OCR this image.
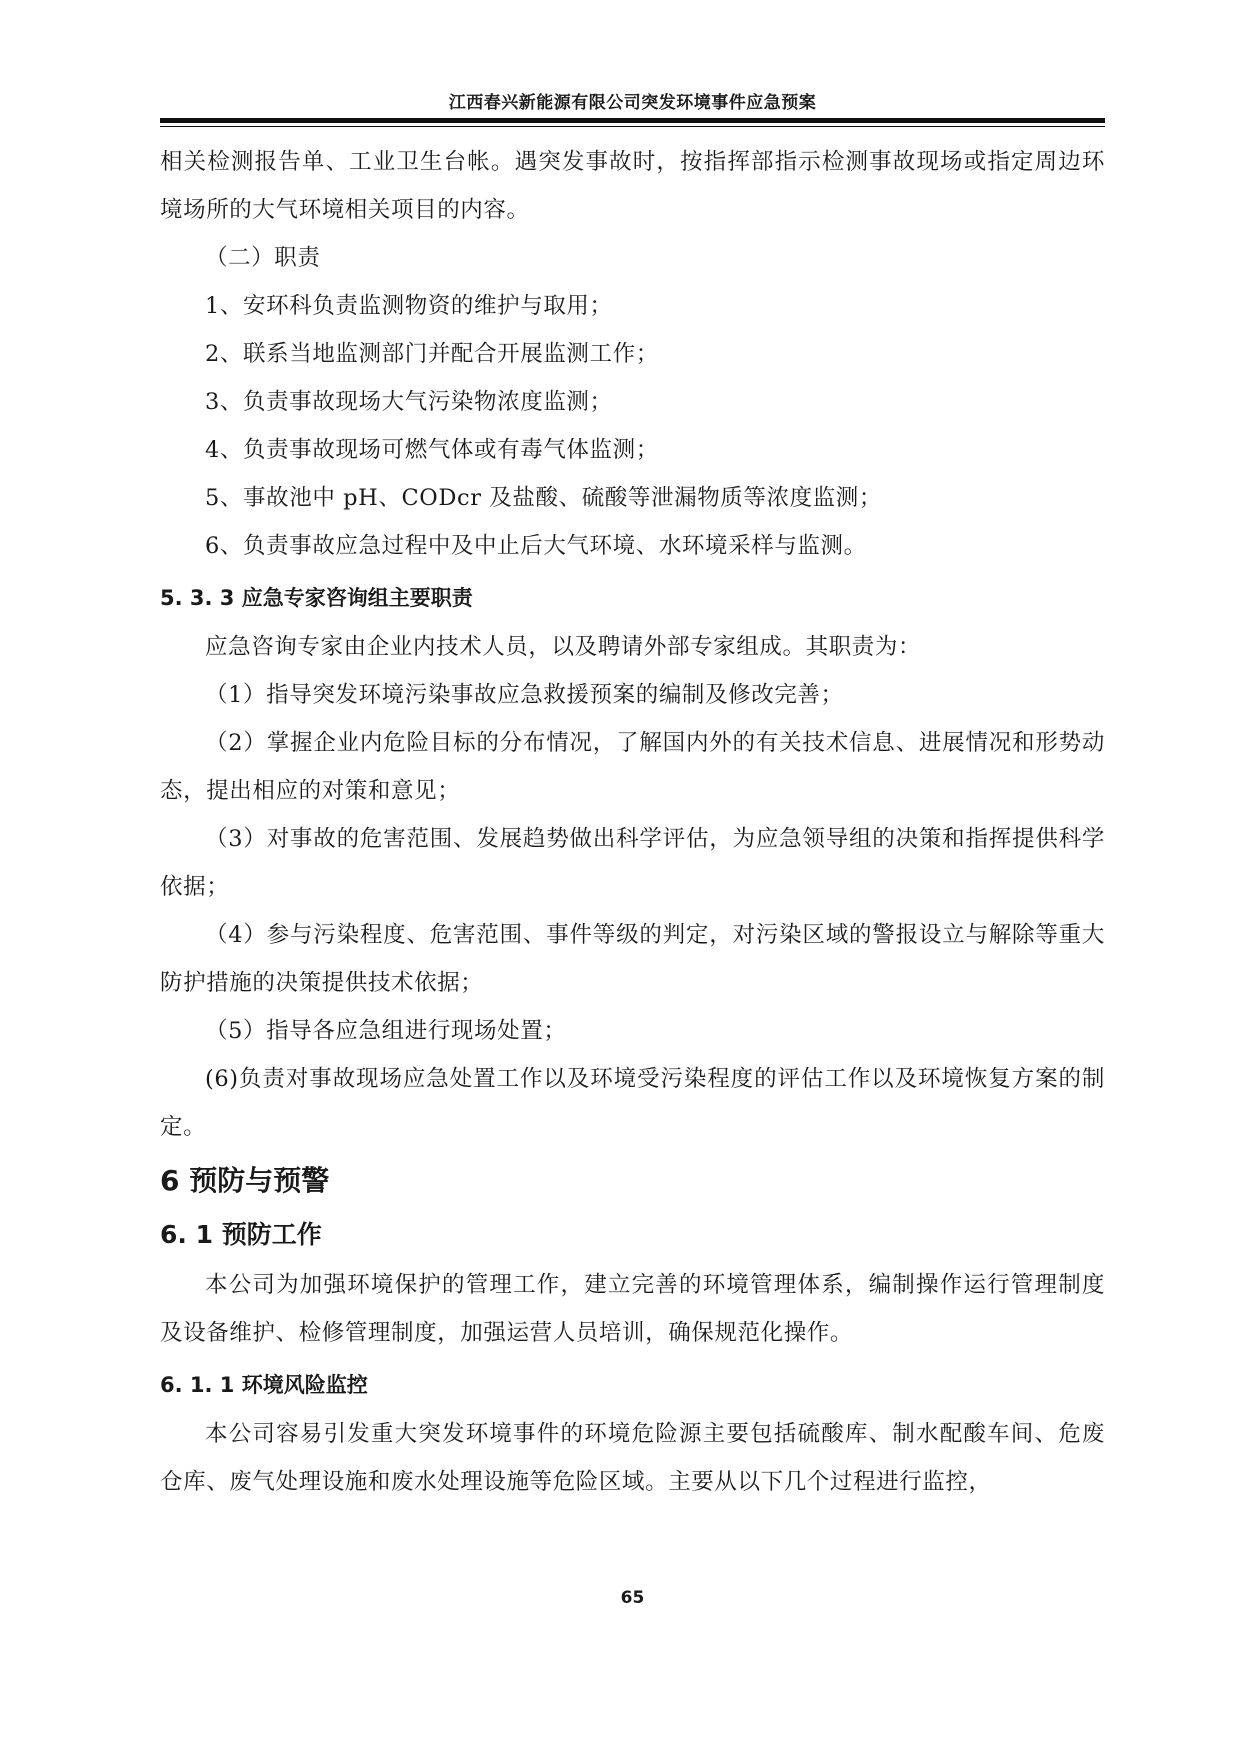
江西春兴新能源有限公司突发环境事件应急预案

相关检测报告单、工业卫生台帐。遇突发事故时，按指挥部指示检测事故现场或指定周边环境场所的大气环境相关项目的内容。

（二）职责

1、安环科负责监测物资的维护与取用；

2、联系当地监测部门并配合开展监测工作；

3、负责事故现场大气污染物浓度监测；

4、负责事故现场可燃气体或有毒气体监测；

5、事故池中 pH、CODcr 及盐酸、硫酸等泄漏物质等浓度监测；

6、负责事故应急过程中及中止后大气环境、水环境采样与监测。

5. 3. 3 应急专家咨询组主要职责

应急咨询专家由企业内技术人员，以及聘请外部专家组成。其职责为：

（1）指导突发环境污染事故应急救援预案的编制及修改完善；

（2）掌握企业内危险目标的分布情况，了解国内外的有关技术信息、进展情况和形势动态，提出相应的对策和意见；

（3）对事故的危害范围、发展趋势做出科学评估，为应急领导组的决策和指挥提供科学依据；

（4）参与污染程度、危害范围、事件等级的判定，对污染区域的警报设立与解除等重大防护措施的决策提供技术依据；

（5）指导各应急组进行现场处置；

(6)负责对事故现场应急处置工作以及环境受污染程度的评估工作以及环境恢复方案的制定。

6 预防与预警
6. 1 预防工作

本公司为加强环境保护的管理工作，建立完善的环境管理体系，编制操作运行管理制度及设备维护、检修管理制度，加强运营人员培训，确保规范化操作。

6. 1. 1 环境风险监控

本公司容易引发重大突发环境事件的环境危险源主要包括硫酸库、制水配酸车间、危废仓库、废气处理设施和废水处理设施等危险区域。主要从以下几个过程进行监控，

65
